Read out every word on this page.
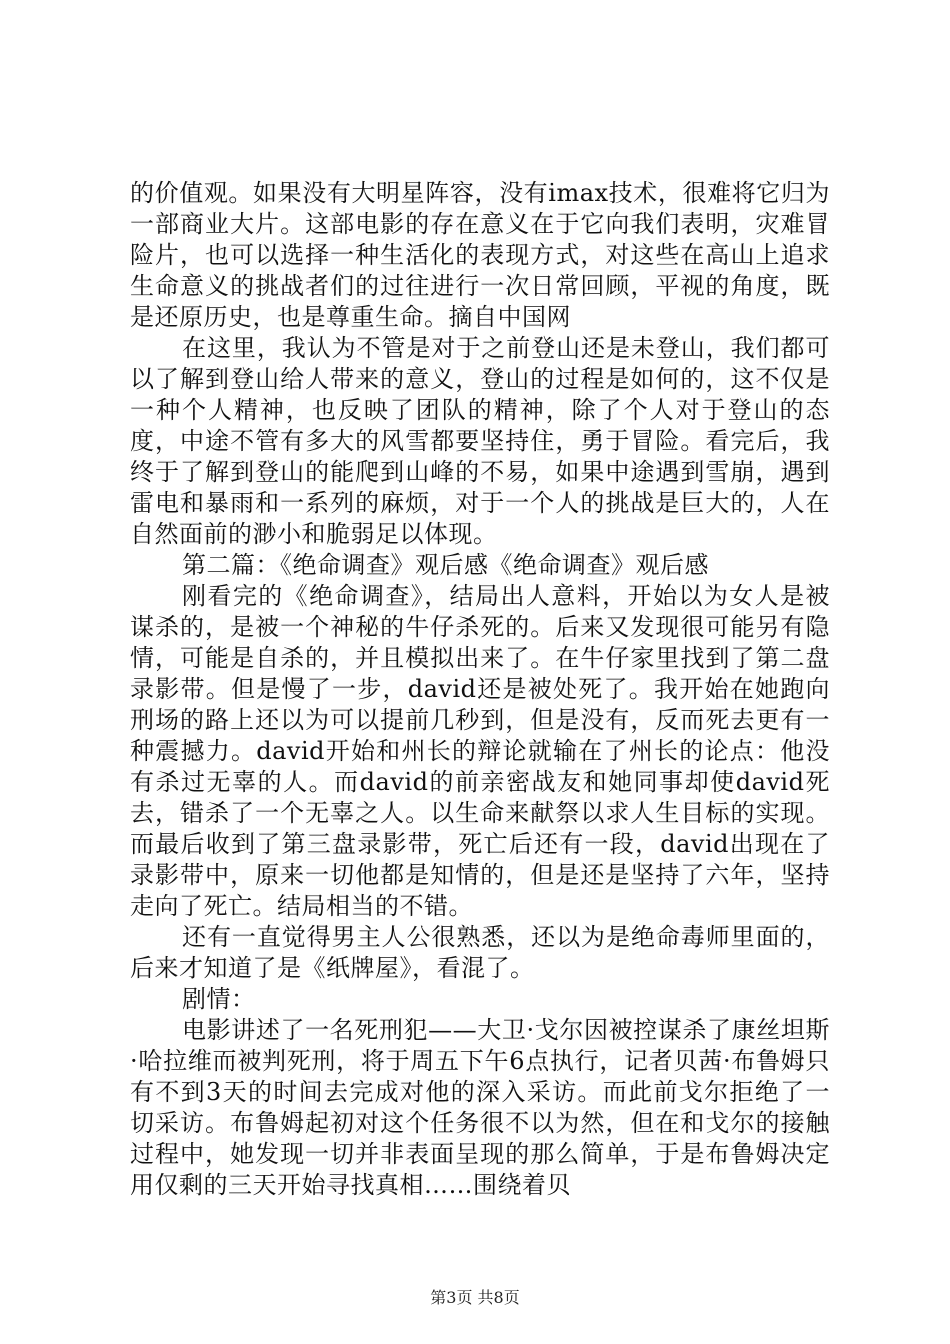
的价值观。如果没有大明星阵容，没有imax技术，很难将它归为一部商业大片。这部电影的存在意义在于它向我们表明，灾难冒险片，也可以选择一种生活化的表现方式，对这些在高山上追求生命意义的挑战者们的过往进行一次日常回顾，平视的角度，既是还原历史，也是尊重生命。摘自中国网

在这里，我认为不管是对于之前登山还是未登山，我们都可以了解到登山给人带来的意义，登山的过程是如何的，这不仅是一种个人精神，也反映了团队的精神，除了个人对于登山的态度，中途不管有多大的风雪都要坚持住，勇于冒险。看完后，我终于了解到登山的能爬到山峰的不易，如果中途遇到雪崩，遇到雷电和暴雨和一系列的麻烦，对于一个人的挑战是巨大的，人在自然面前的渺小和脆弱足以体现。

第二篇：《绝命调查》观后感《绝命调查》观后感

刚看完的《绝命调查》，结局出人意料，开始以为女人是被谋杀的，是被一个神秘的牛仔杀死的。后来又发现很可能另有隐情，可能是自杀的，并且模拟出来了。在牛仔家里找到了第二盘录影带。但是慢了一步，david还是被处死了。我开始在她跑向刑场的路上还以为可以提前几秒到，但是没有，反而死去更有一种震撼力。david开始和州长的辩论就输在了州长的论点：他没有杀过无辜的人。而david的前亲密战友和她同事却使david死去，错杀了一个无辜之人。以生命来献祭以求人生目标的实现。而最后收到了第三盘录影带，死亡后还有一段，david出现在了录影带中，原来一切他都是知情的，但是还是坚持了六年，坚持走向了死亡。结局相当的不错。

还有一直觉得男主人公很熟悉，还以为是绝命毒师里面的，后来才知道了是《纸牌屋》，看混了。

剧情：

电影讲述了一名死刑犯——大卫·戈尔因被控谋杀了康丝坦斯·哈拉维而被判死刑，将于周五下午6点执行，记者贝茜·布鲁姆只有不到3天的时间去完成对他的深入采访。而此前戈尔拒绝了一切采访。布鲁姆起初对这个任务很不以为然，但在和戈尔的接触过程中，她发现一切并非表面呈现的那么简单，于是布鲁姆决定用仅剩的三天开始寻找真相……围绕着贝

第3页 共8页
